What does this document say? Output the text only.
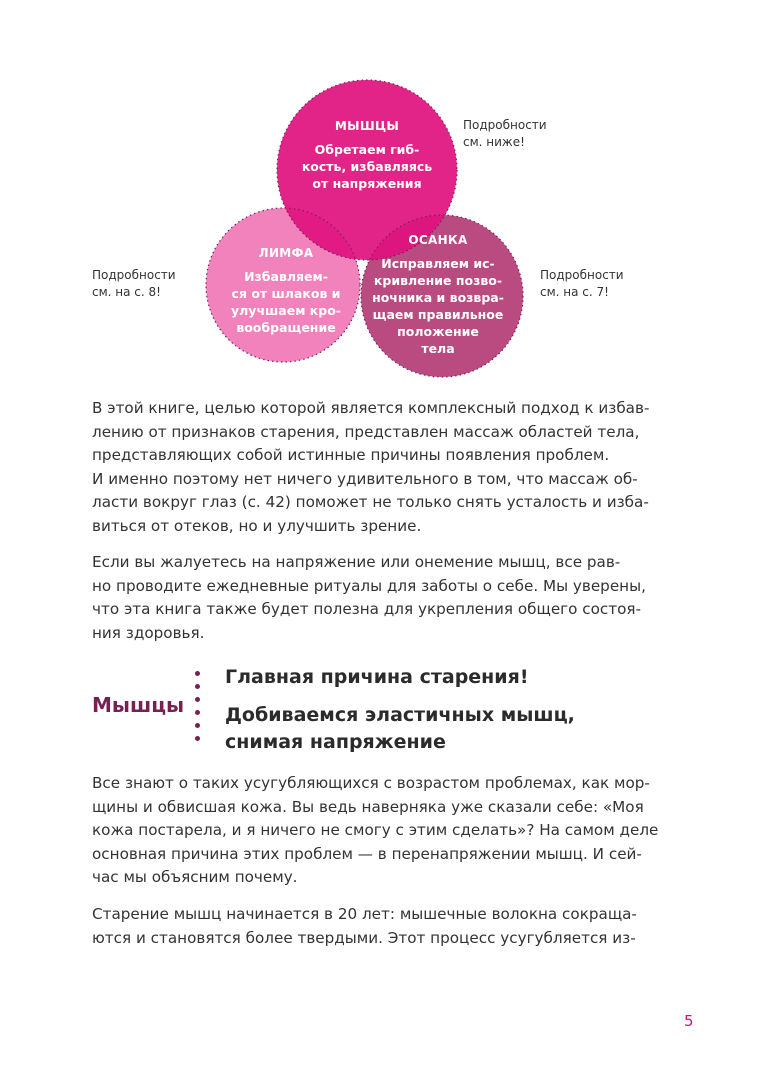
МЫШЦЫ
Обретаем гиб-
кость, избавляясь
от напряжения
ЛИМФА
Избавляем-
ся от шлаков и
улучшаем кро-
вообращение
ОСАНКА
Исправляем ис-
кривление позво-
ночника и возвра-
щаем правильное
положение
тела
Подробности
см. ниже!
Подробности
см. на с. 8!
Подробности
см. на с. 7!

В этой книге, целью которой является комплексный подход к избав-
лению от признаков старения, представлен массаж областей тела,
представляющих собой истинные причины появления проблем.
И именно поэтому нет ничего удивительного в том, что массаж об-
ласти вокруг глаз (с. 42) поможет не только снять усталость и изба-
виться от отеков, но и улучшить зрение.

Если вы жалуетесь на напряжение или онемение мышц, все рав-
но проводите ежедневные ритуалы для заботы о себе. Мы уверены,
что эта книга также будет полезна для укрепления общего состоя-
ния здоровья.

Мышцы
Главная причина старения!
Добиваемся эластичных мышц,
снимая напряжение

Все знают о таких усугубляющихся с возрастом проблемах, как мор-
щины и обвисшая кожа. Вы ведь наверняка уже сказали себе: «Моя
кожа постарела, и я ничего не смогу с этим сделать»? На самом деле
основная причина этих проблем — в перенапряжении мышц. И сей-
час мы объясним почему.

Старение мышц начинается в 20 лет: мышечные волокна сокраща-
ются и становятся более твердыми. Этот процесс усугубляется из-

5
